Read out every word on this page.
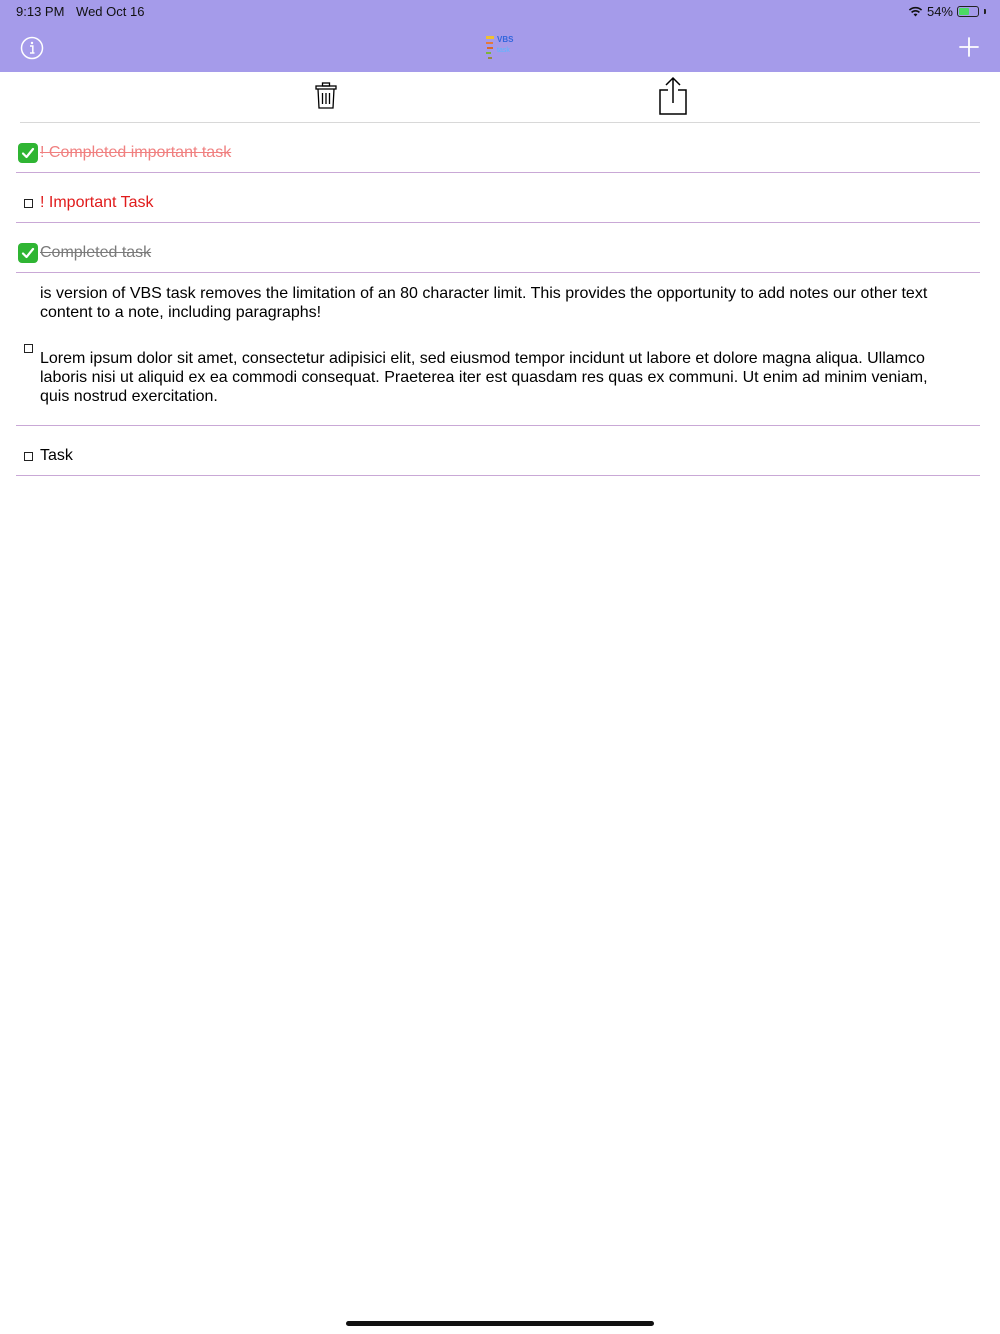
9:13 PM Wed Oct 16	54%
VBS
task
! Completed important task
! Important Task
Completed task

is version of VBS task removes the limitation of an 80 character limit. This provides the opportunity to add notes our other text content to a note, including paragraphs!

Lorem ipsum dolor sit amet, consectetur adipisici elit, sed eiusmod tempor incidunt ut labore et dolore magna aliqua. Ullamco laboris nisi ut aliquid ex ea commodi consequat. Praeterea iter est quasdam res quas ex communi. Ut enim ad minim veniam, quis nostrud exercitation.

Task
